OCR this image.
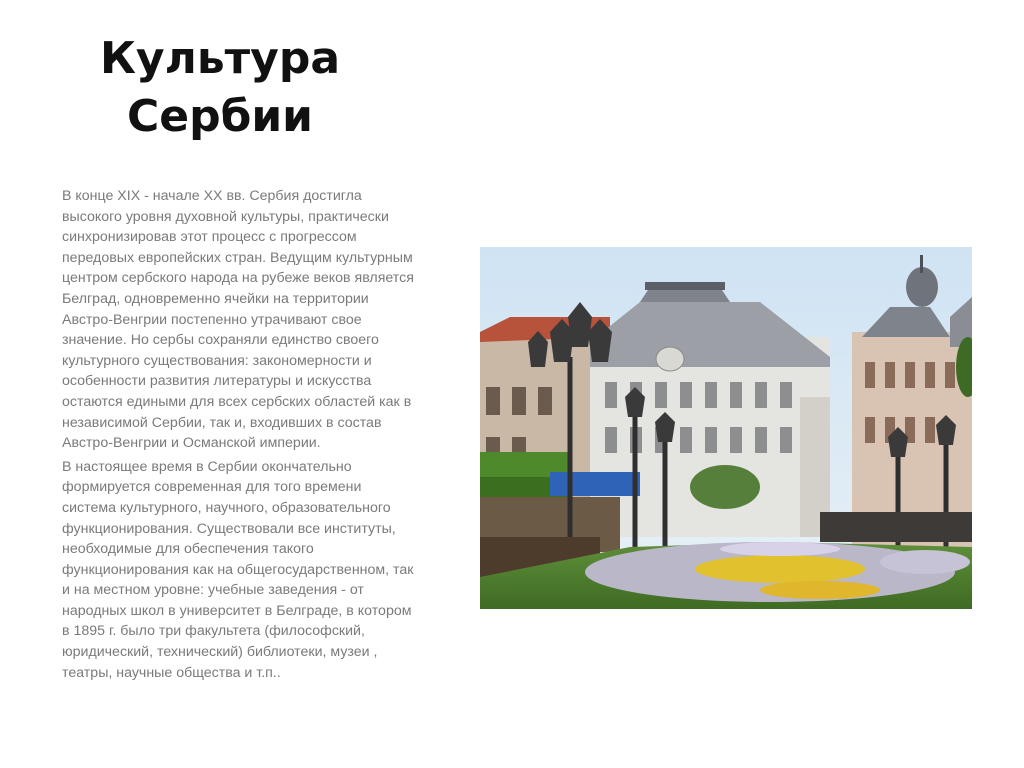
Культура
Сербии

В конце XIX - начале XX вв. Сербия достигла высокого уровня духовной культуры, практически синхронизировав этот процесс с прогрессом передовых европейских стран. Ведущим культурным центром сербского народа на рубеже веков является Белград, одновременно ячейки на территории Австро-Венгрии постепенно утрачивают свое значение. Но сербы сохраняли единство своего культурного существования: закономерности и особенности развития литературы и искусства остаются едиными для всех сербских областей как в независимой Сербии, так и, входивших в состав Австро-Венгрии и Османской империи.

В настоящее время в Сербии окончательно формируется современная для того времени система культурного, научного, образовательного функционирования. Существовали все институты, необходимые для обеспечения такого функционирования как на общегосударственном, так и на местном уровне: учебные заведения - от народных школ в университет в Белграде, в котором в 1895 г. было три факультета (философский, юридический, технический) библиотеки, музеи , театры, научные общества и т.п..
